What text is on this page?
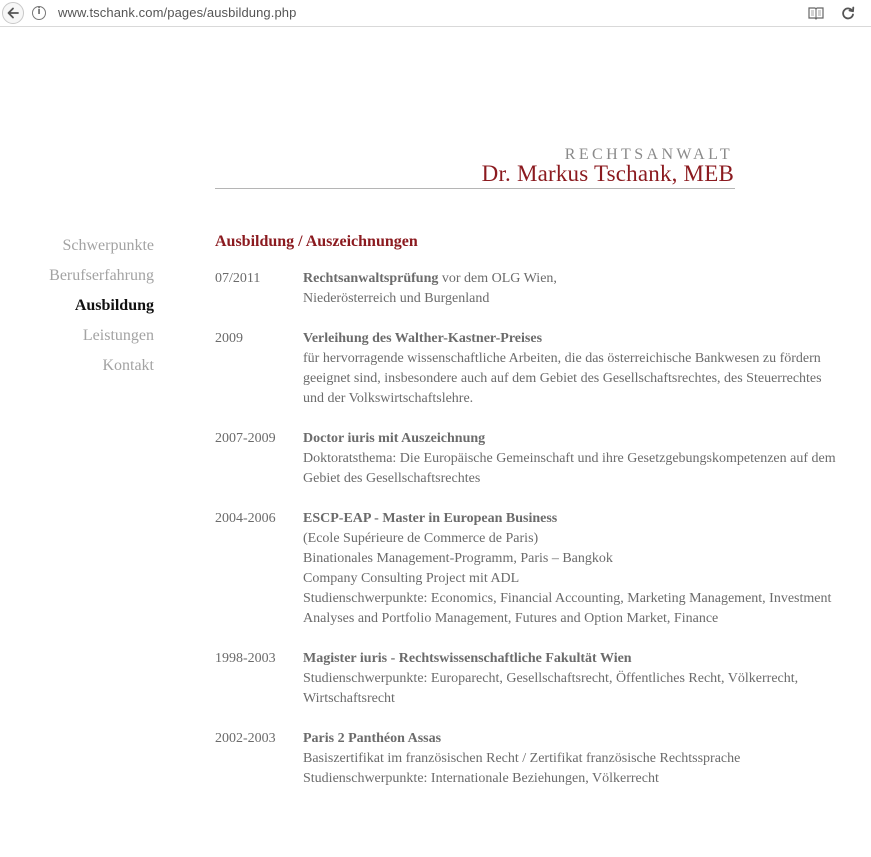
i	www.tschank.com/pages/ausbildung.php
RECHTSANWALT
Dr. Markus Tschank, MEB
Schwerpunkte
Berufserfahrung
Ausbildung
Leistungen
Kontakt
Ausbildung / Auszeichnungen
07/2011	Rechtsanwaltsprüfung vor dem OLG Wien,
Niederösterreich und Burgenland
2009	Verleihung des Walther-Kastner-Preises
für hervorragende wissenschaftliche Arbeiten, die das österreichische Bankwesen zu fördern
geeignet sind, insbesondere auch auf dem Gebiet des Gesellschaftsrechtes, des Steuerrechtes
und der Volkswirtschaftslehre.
2007-2009	Doctor iuris mit Auszeichnung
Doktoratsthema: Die Europäische Gemeinschaft und ihre Gesetzgebungskompetenzen auf dem
Gebiet des Gesellschaftsrechtes
2004-2006	ESCP-EAP - Master in European Business
(Ecole Supérieure de Commerce de Paris)
Binationales Management-Programm, Paris – Bangkok
Company Consulting Project mit ADL
Studienschwerpunkte: Economics, Financial Accounting, Marketing Management, Investment
Analyses and Portfolio Management, Futures and Option Market, Finance
1998-2003	Magister iuris - Rechtswissenschaftliche Fakultät Wien
Studienschwerpunkte: Europarecht, Gesellschaftsrecht, Öffentliches Recht, Völkerrecht,
Wirtschaftsrecht
2002-2003	Paris 2 Panthéon Assas
Basiszertifikat im französischen Recht / Zertifikat französische Rechtssprache
Studienschwerpunkte: Internationale Beziehungen, Völkerrecht
